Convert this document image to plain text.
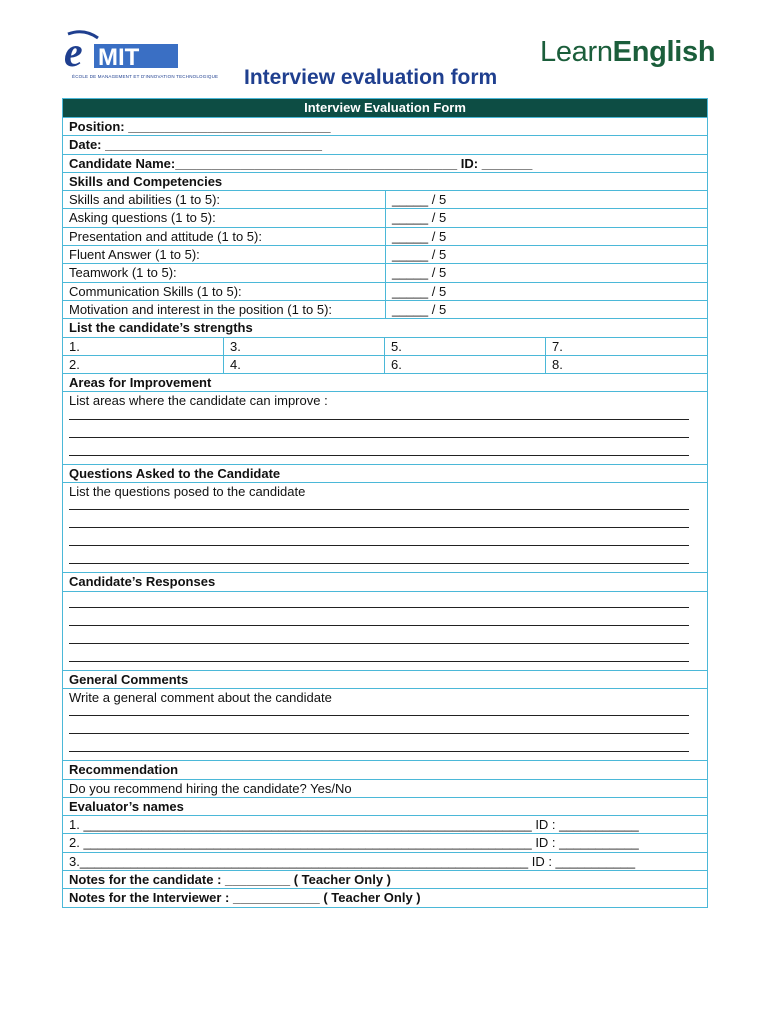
e MIT
ÉCOLE DE MANAGEMENT ET D'INNOVATION TECHNOLOGIQUE
LearnEnglish
Interview evaluation form
Interview Evaluation Form
Position: ____________________________
Date: ______________________________
Candidate Name:_______________________________________ ID: _______
Skills and Competencies
Skills and abilities (1 to 5):	_____ / 5
Asking questions (1 to 5):	_____ / 5
Presentation and attitude (1 to 5):	_____ / 5
Fluent Answer (1 to 5):	_____ / 5
Teamwork (1 to 5):	_____ / 5
Communication Skills (1 to 5):	_____ / 5
Motivation and interest in the position (1 to 5):	_____ / 5
List the candidate’s strengths
1.	3.	5.	7.
2.	4.	6.	8.
Areas for Improvement
List areas where the candidate can improve :
Questions Asked to the Candidate
List the questions posed to the candidate
Candidate’s Responses
General Comments
Write a general comment about the candidate
Recommendation
Do you recommend hiring the candidate? Yes/No
Evaluator’s names
1. ______________________________________________________________ ID : ___________
2. ______________________________________________________________ ID : ___________
3.______________________________________________________________ ID : ___________
Notes for the candidate : _________ ( Teacher Only )
Notes for the Interviewer : ____________ ( Teacher Only )
